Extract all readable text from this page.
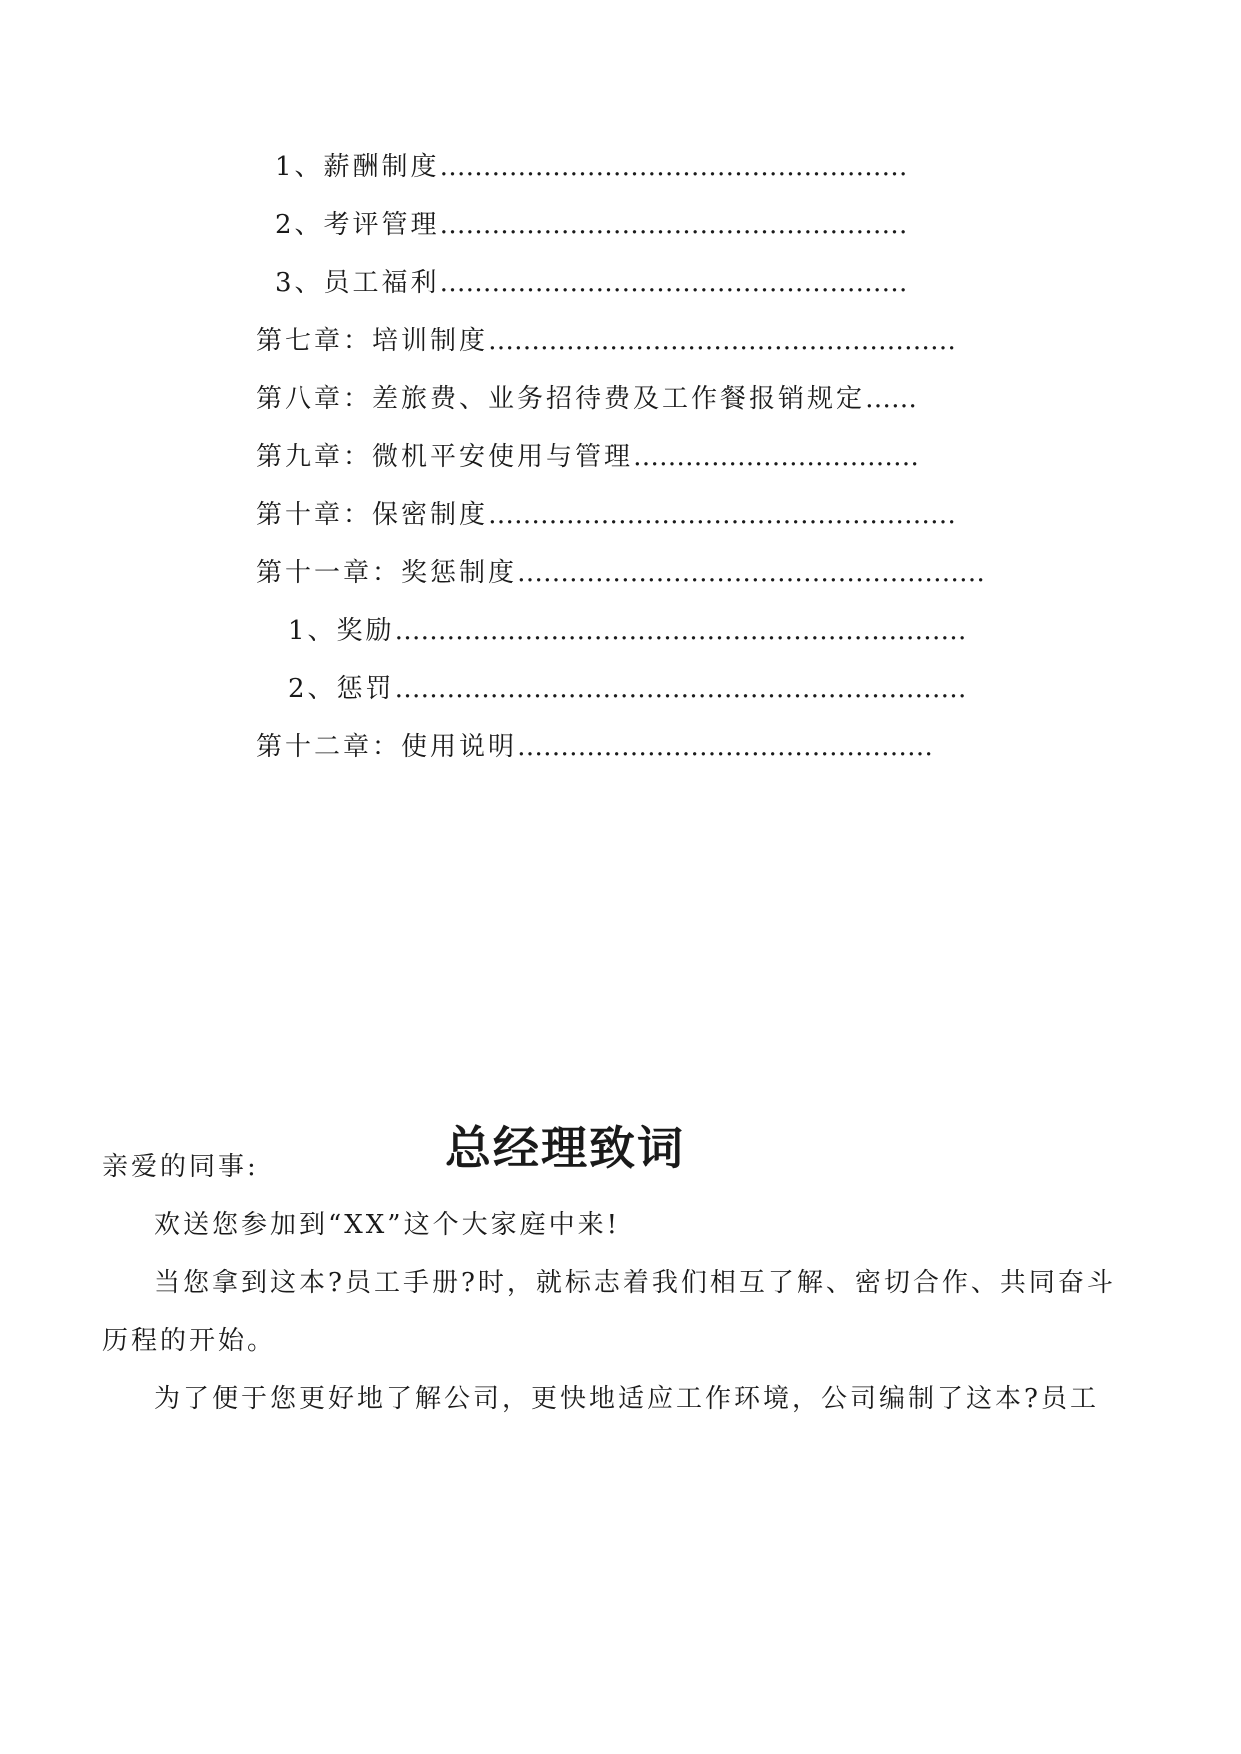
1、薪酬制度………………………………………………
2、考评管理………………………………………………
3、员工福利………………………………………………
第七章：培训制度………………………………………………
第八章：差旅费、业务招待费及工作餐报销规定……
第九章：微机平安使用与管理……………………………
第十章：保密制度………………………………………………
第十一章：奖惩制度………………………………………………
1、奖励…………………………………………………………
2、惩罚…………………………………………………………
第十二章：使用说明…………………………………………
总经理致词
亲爱的同事:
欢送您参加到“XX”这个大家庭中来!
当您拿到这本?员工手册?时，就标志着我们相互了解、密切合作、共同奋斗
历程的开始。
为了便于您更好地了解公司，更快地适应工作环境，公司编制了这本?员工
